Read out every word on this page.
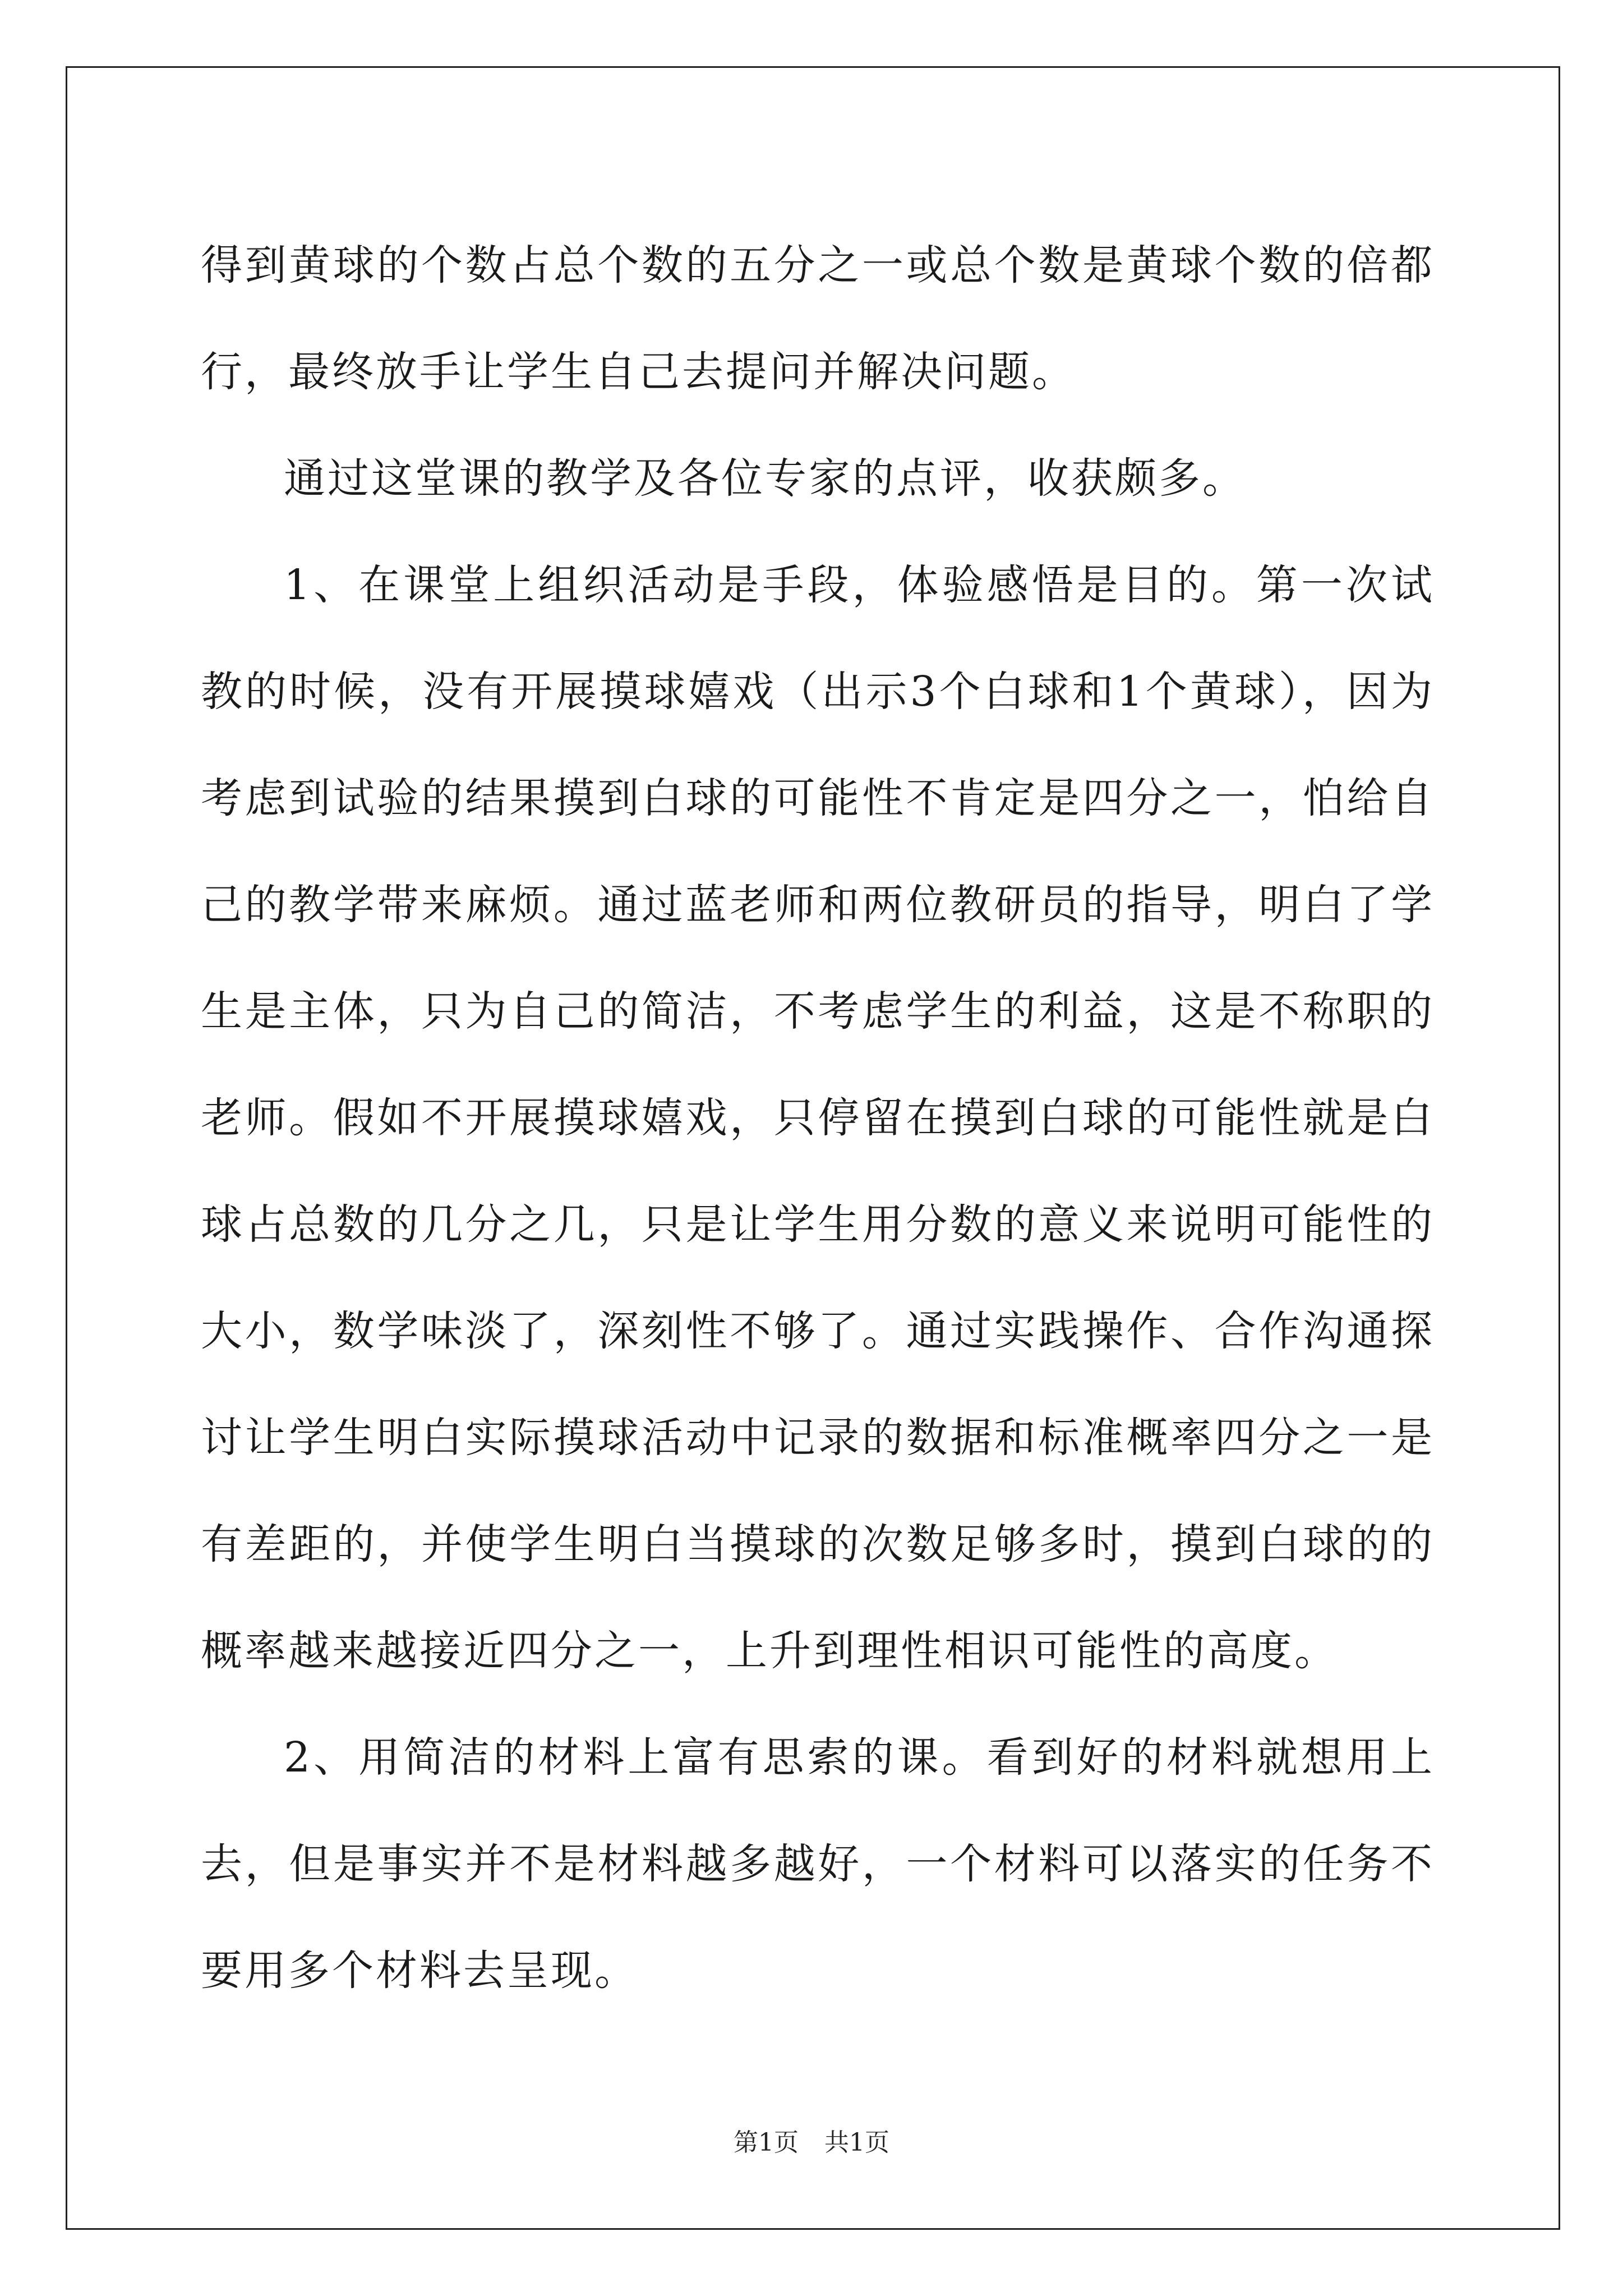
得到黄球的个数占总个数的五分之一或总个数是黄球个数的倍都行，最终放手让学生自己去提问并解决问题。

通过这堂课的教学及各位专家的点评，收获颇多。

1、在课堂上组织活动是手段，体验感悟是目的。第一次试教的时候，没有开展摸球嬉戏（出示3个白球和1个黄球），因为考虑到试验的结果摸到白球的可能性不肯定是四分之一，怕给自己的教学带来麻烦。通过蓝老师和两位教研员的指导，明白了学生是主体，只为自己的简洁，不考虑学生的利益，这是不称职的老师。假如不开展摸球嬉戏，只停留在摸到白球的可能性就是白球占总数的几分之几，只是让学生用分数的意义来说明可能性的大小，数学味淡了，深刻性不够了。通过实践操作、合作沟通探讨让学生明白实际摸球活动中记录的数据和标准概率四分之一是有差距的，并使学生明白当摸球的次数足够多时，摸到白球的的概率越来越接近四分之一，上升到理性相识可能性的高度。

2、用简洁的材料上富有思索的课。看到好的材料就想用上去，但是事实并不是材料越多越好，一个材料可以落实的任务不要用多个材料去呈现。

第1页 共1页
